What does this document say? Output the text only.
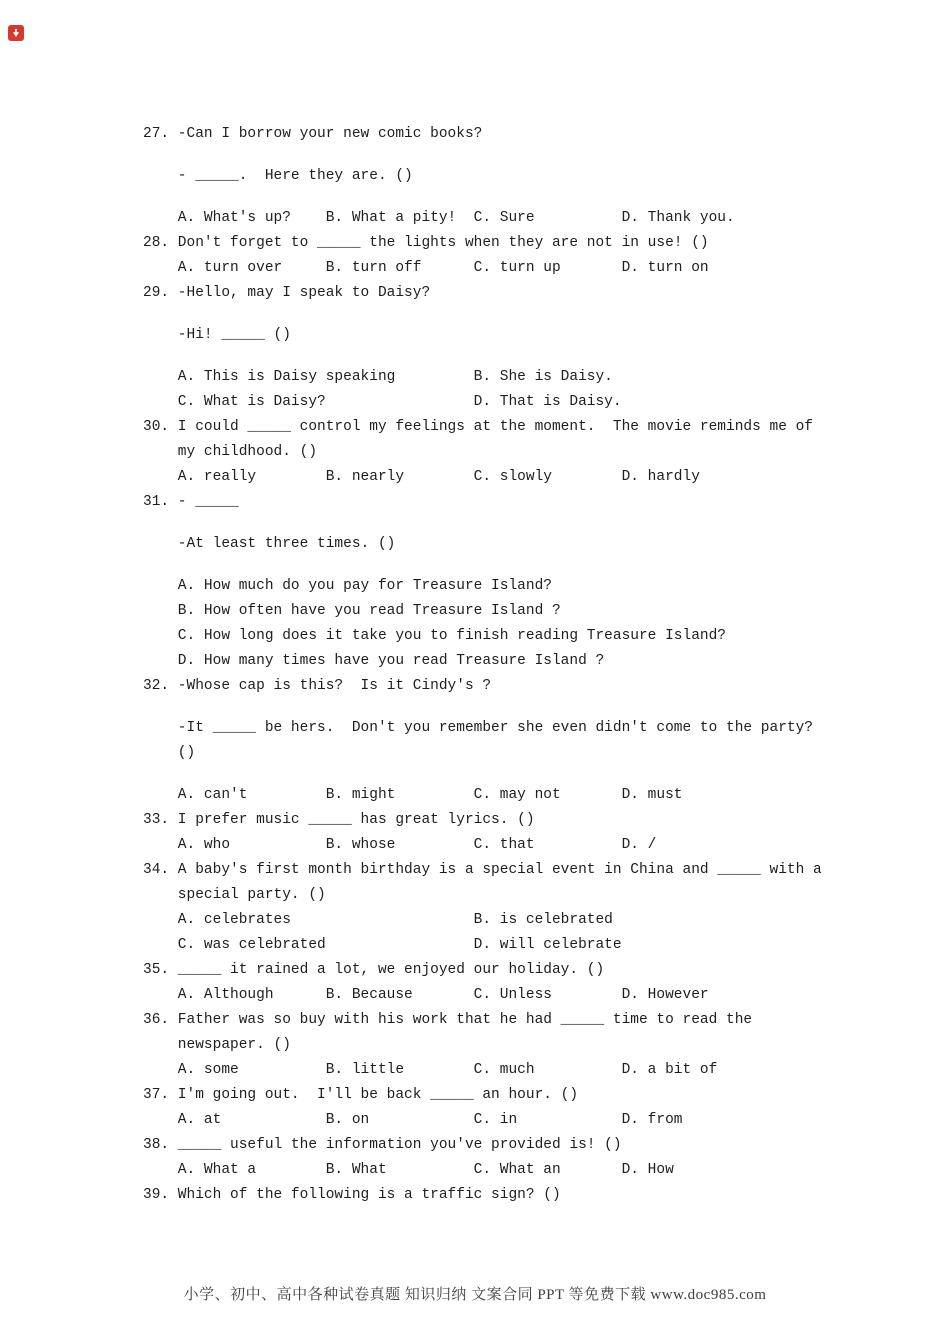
27. -Can I borrow your new comic books?
- _____.  Here they are. ()
A. What's up?    B. What a pity!  C. Sure          D. Thank you.
28. Don't forget to _____ the lights when they are not in use! ()
A. turn over     B. turn off      C. turn up       D. turn on
29. -Hello, may I speak to Daisy?
-Hi! _____ ()
A. This is Daisy speaking         B. She is Daisy.
C. What is Daisy?                 D. That is Daisy.
30. I could _____ control my feelings at the moment.  The movie reminds me of
my childhood. ()
A. really        B. nearly        C. slowly        D. hardly
31. - _____
-At least three times. ()
A. How much do you pay for Treasure Island?
B. How often have you read Treasure Island ?
C. How long does it take you to finish reading Treasure Island?
D. How many times have you read Treasure Island ?
32. -Whose cap is this?  Is it Cindy's ?
-It _____ be hers.  Don't you remember she even didn't come to the party?
()
A. can't         B. might         C. may not       D. must
33. I prefer music _____ has great lyrics. ()
A. who           B. whose         C. that          D. /
34. A baby's first month birthday is a special event in China and _____ with a
special party. ()
A. celebrates                     B. is celebrated
C. was celebrated                 D. will celebrate
35. _____ it rained a lot, we enjoyed our holiday. ()
A. Although      B. Because       C. Unless        D. However
36. Father was so buy with his work that he had _____ time to read the
newspaper. ()
A. some          B. little        C. much          D. a bit of
37. I'm going out.  I'll be back _____ an hour. ()
A. at            B. on            C. in            D. from
38. _____ useful the information you've provided is! ()
A. What a        B. What          C. What an       D. How
39. Which of the following is a traffic sign? ()
小学、初中、高中各种试卷真题 知识归纳 文案合同 PPT 等免费下载 www.doc985.com
